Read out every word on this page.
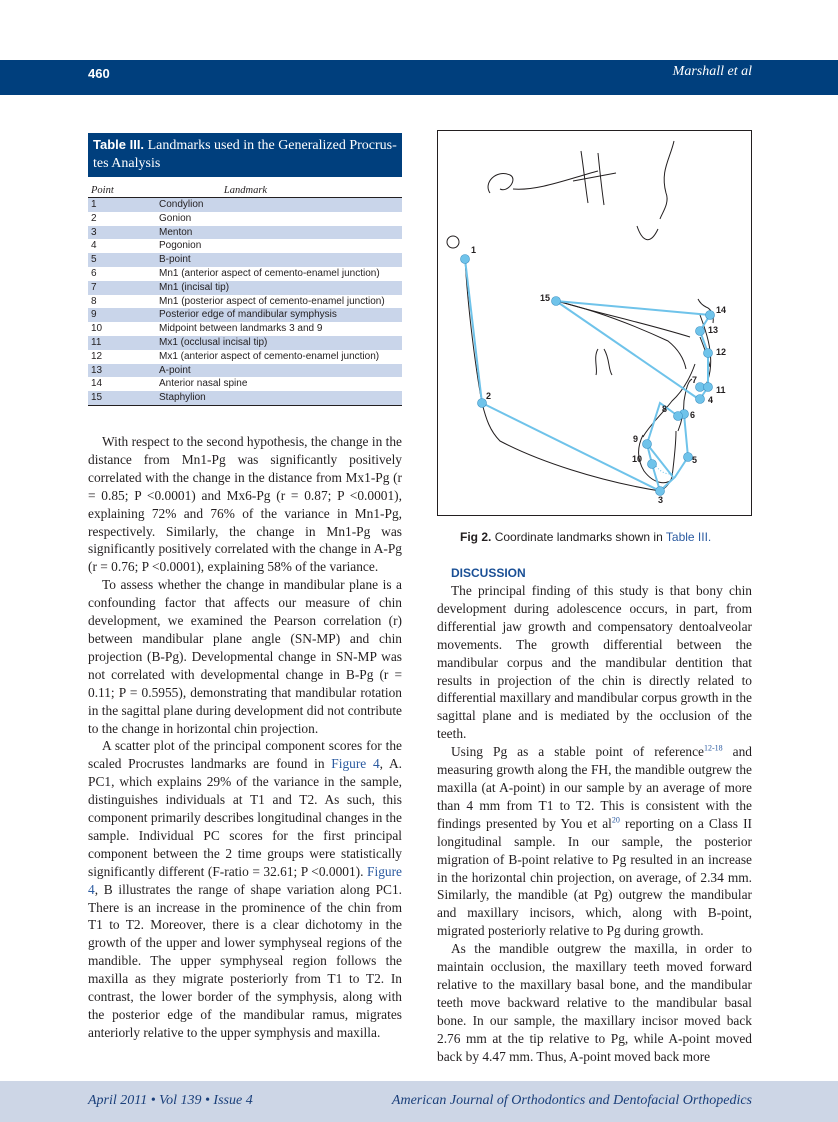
460	Marshall et al
Table III. Landmarks used in the Generalized Procrus-tes Analysis
Point	Landmark
1	Condylion
2	Gonion
3	Menton
4	Pogonion
5	B-point
6	Mn1 (anterior aspect of cemento-enamel junction)
7	Mn1 (incisal tip)
8	Mn1 (posterior aspect of cemento-enamel junction)
9	Posterior edge of mandibular symphysis
10	Midpoint between landmarks 3 and 9
11	Mx1 (occlusal incisal tip)
12	Mx1 (anterior aspect of cemento-enamel junction)
13	A-point
14	Anterior nasal spine
15	Staphylion
1
2
3
4
5
6
7
8
9
10
11
12
13
14
15
Fig 2. Coordinate landmarks shown in Table III.

With respect to the second hypothesis, the change in the distance from Mn1-Pg was significantly positively correlated with the change in the distance from Mx1-Pg (r = 0.85; P <0.0001) and Mx6-Pg (r = 0.87; P <0.0001), explaining 72% and 76% of the variance in Mn1-Pg, respectively. Similarly, the change in Mn1-Pg was significantly positively correlated with the change in A-Pg (r = 0.76; P <0.0001), explaining 58% of the variance.

To assess whether the change in mandibular plane is a confounding factor that affects our measure of chin development, we examined the Pearson correlation (r) between mandibular plane angle (SN-MP) and chin projection (B-Pg). Developmental change in SN-MP was not correlated with developmental change in B-Pg (r = 0.11; P = 0.5955), demonstrating that mandibular rotation in the sagittal plane during development did not contribute to the change in horizontal chin projection.

A scatter plot of the principal component scores for the scaled Procrustes landmarks are found in Figure 4, A. PC1, which explains 29% of the variance in the sample, distinguishes individuals at T1 and T2. As such, this component primarily describes longitudinal changes in the sample. Individual PC scores for the first principal component between the 2 time groups were statistically significantly different (F-ratio = 32.61; P <0.0001). Figure 4, B illustrates the range of shape variation along PC1. There is an increase in the prominence of the chin from T1 to T2. Moreover, there is a clear dichotomy in the growth of the upper and lower symphyseal regions of the mandible. The upper symphyseal region follows the maxilla as they migrate posteriorly from T1 to T2. In contrast, the lower border of the symphysis, along with the posterior edge of the mandibular ramus, migrates anteriorly relative to the upper symphysis and maxilla.

DISCUSSION

The principal finding of this study is that bony chin development during adolescence occurs, in part, from differential jaw growth and compensatory dentoalveolar movements. The growth differential between the mandibular corpus and the mandibular dentition that results in projection of the chin is directly related to differential maxillary and mandibular corpus growth in the sagittal plane and is mediated by the occlusion of the teeth.

Using Pg as a stable point of reference$^{12-18}$ and measuring growth along the FH, the mandible outgrew the maxilla (at A-point) in our sample by an average of more than 4 mm from T1 to T2. This is consistent with the findings presented by You et $al^{20}$ reporting on a Class II longitudinal sample. In our sample, the posterior migration of B-point relative to Pg resulted in an increase in the horizontal chin projection, on average, of 2.34 mm. Similarly, the mandible (at Pg) outgrew the mandibular and maxillary incisors, which, along with B-point, migrated posteriorly relative to Pg during growth.

As the mandible outgrew the maxilla, in order to maintain occlusion, the maxillary teeth moved forward relative to the maxillary basal bone, and the mandibular teeth move backward relative to the mandibular basal bone. In our sample, the maxillary incisor moved back 2.76 mm at the tip relative to Pg, while A-point moved back by 4.47 mm. Thus, A-point moved back more

April 2011 • Vol 139 • Issue 4	American Journal of Orthodontics and Dentofacial Orthopedics
